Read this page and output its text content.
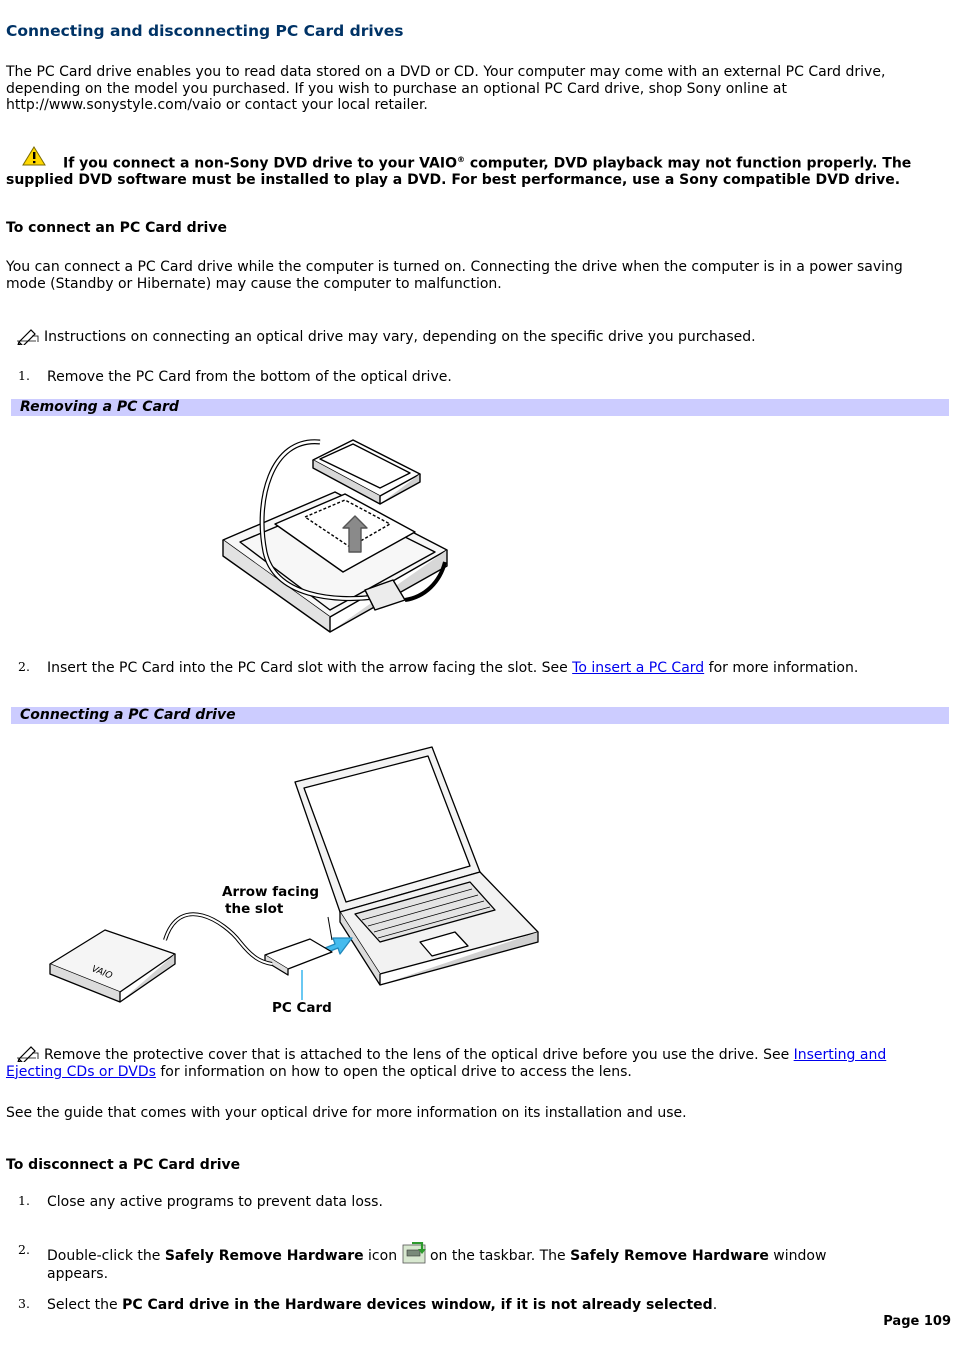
Connecting and disconnecting PC Card drives
The PC Card drive enables you to read data stored on a DVD or CD. Your computer may come with an external PC Card drive, depending on the model you purchased. If you wish to purchase an optional PC Card drive, shop Sony online at http://www.sonystyle.com/vaio or contact your local retailer.
If you connect a non-Sony DVD drive to your VAIO® computer, DVD playback may not function properly. The supplied DVD software must be installed to play a DVD. For best performance, use a Sony compatible DVD drive.
To connect an PC Card drive
You can connect a PC Card drive while the computer is turned on. Connecting the drive when the computer is in a power saving mode (Standby or Hibernate) may cause the computer to malfunction.
Instructions on connecting an optical drive may vary, depending on the specific drive you purchased.
1. Remove the PC Card from the bottom of the optical drive.
Removing a PC Card
2. Insert the PC Card into the PC Card slot with the arrow facing the slot. See To insert a PC Card for more information.
Connecting a PC Card drive
Arrow facing
the slot
PC Card
VAIO
Remove the protective cover that is attached to the lens of the optical drive before you use the drive. See Inserting and Ejecting CDs or DVDs for information on how to open the optical drive to access the lens.
See the guide that comes with your optical drive for more information on its installation and use.
To disconnect a PC Card drive
1. Close any active programs to prevent data loss.
2. Double-click the Safely Remove Hardware icon  on the taskbar. The Safely Remove Hardware window appears.
3. Select the PC Card drive in the Hardware devices window, if it is not already selected.
Page 109
